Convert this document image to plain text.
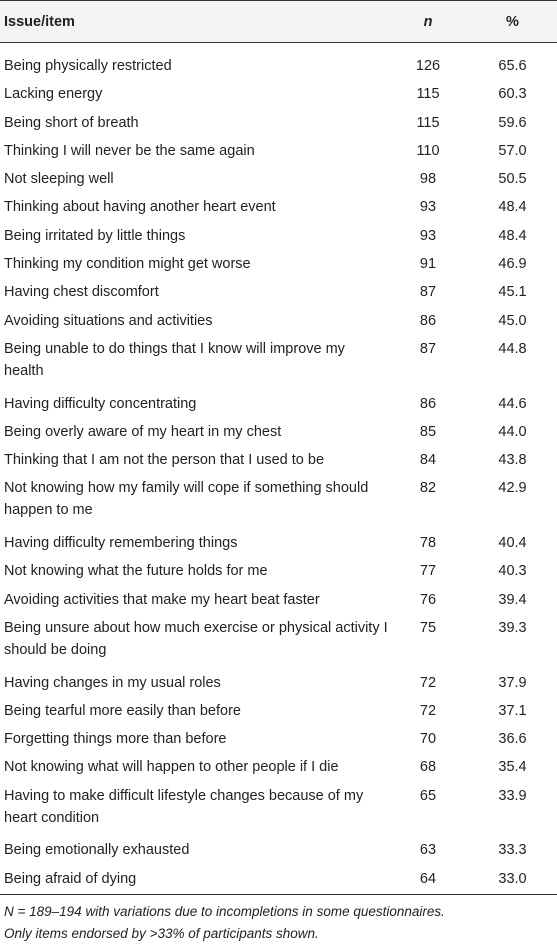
Issue/item	n	%

Being physically restricted	126	65.6
Lacking energy	115	60.3
Being short of breath	115	59.6
Thinking I will never be the same again	110	57.0
Not sleeping well	98	50.5
Thinking about having another heart event	93	48.4
Being irritated by little things	93	48.4
Thinking my condition might get worse	91	46.9
Having chest discomfort	87	45.1
Avoiding situations and activities	86	45.0
Being unable to do things that I know will improve my health	87	44.8
Having difficulty concentrating	86	44.6
Being overly aware of my heart in my chest	85	44.0
Thinking that I am not the person that I used to be	84	43.8
Not knowing how my family will cope if something should happen to me	82	42.9
Having difficulty remembering things	78	40.4
Not knowing what the future holds for me	77	40.3
Avoiding activities that make my heart beat faster	76	39.4
Being unsure about how much exercise or physical activity I should be doing	75	39.3
Having changes in my usual roles	72	37.9
Being tearful more easily than before	72	37.1
Forgetting things more than before	70	36.6
Not knowing what will happen to other people if I die	68	35.4
Having to make difficult lifestyle changes because of my heart condition	65	33.9
Being emotionally exhausted	63	33.3
Being afraid of dying	64	33.0
N = 189–194 with variations due to incompletions in some questionnaires.
Only items endorsed by >33% of participants shown.
